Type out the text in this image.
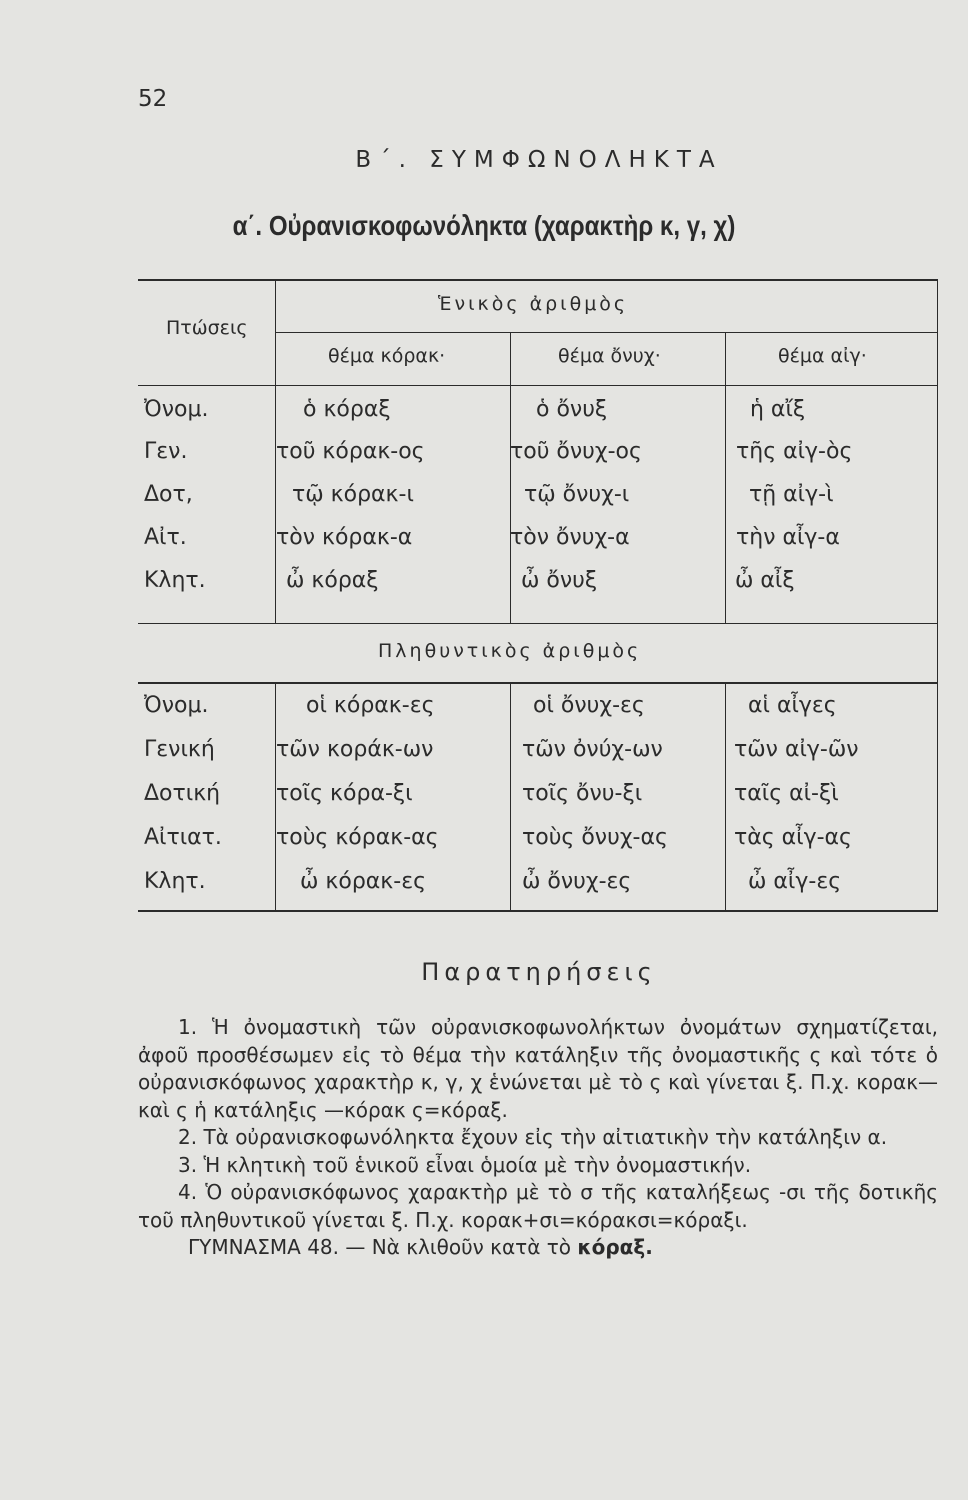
52
Β΄. ΣΥΜΦΩΝΟΛΗΚΤΑ
α΄. Οὐρανισκοφωνόληκτα (χαρακτὴρ κ, γ, χ)
Πτώσεις
Ἑνικὸς ἀριθμὸς
θέμα κόρακ·	θέμα ὄνυχ·	θέμα αἰγ·
Ὀνομ.	ὁ κόραξ	ὁ ὄνυξ	ἡ αἴξ
Γεν.	τοῦ κόρακ-ος	τοῦ ὄνυχ-ος	τῆς αἰγ-ὸς
Δοτ,	τῷ κόρακ-ι	τῷ ὄνυχ-ι	τῇ αἰγ-ὶ
Αἰτ.	τὸν κόρακ-α	τὸν ὄνυχ-α	τὴν αἶγ-α
Κλητ.	ὦ κόραξ	ὦ ὄνυξ	ὦ αἶξ
Πληθυντικὸς ἀριθμὸς
Ὀνομ.	οἱ κόρακ-ες	οἱ ὄνυχ-ες	αἱ αἶγες
Γενική	τῶν κοράκ-ων	τῶν ὀνύχ-ων	τῶν αἰγ-ῶν
Δοτική	τοῖς κόρα-ξι	τοῖς ὄνυ-ξι	ταῖς αἰ-ξὶ
Αἰτιατ. τοὺς κόρακ-ας	τοὺς ὄνυχ-ας	τὰς αἶγ-ας
Κλητ.	ὦ κόρακ-ες	ὦ ὄνυχ-ες	ὦ αἶγ-ες
Παρατηρήσεις

1. Ἡ ὀνομαστικὴ τῶν οὐρανισκοφωνολήκτων ὀνομάτων σχηματίζεται, ἀφοῦ προσθέσωμεν εἰς τὸ θέμα τὴν κατάληξιν τῆς ὀνομαστικῆς ς καὶ τότε ὁ οὐρανισκόφωνος χαρακτὴρ κ, γ, χ ἑνώνεται μὲ τὸ ς καὶ γίνεται ξ. Π.χ. κορακ—καὶ ς ἡ κατάληξις —κόρακ ς=κόραξ.

2. Τὰ οὐρανισκοφωνόληκτα ἔχουν εἰς τὴν αἰτιατικὴν τὴν κατάληξιν α.

3. Ἡ κλητικὴ τοῦ ἑνικοῦ εἶναι ὁμοία μὲ τὴν ὀνομαστικήν.

4. Ὁ οὐρανισκόφωνος χαρακτὴρ μὲ τὸ σ τῆς καταλήξεως -σι τῆς δοτικῆς τοῦ πληθυντικοῦ γίνεται ξ. Π.χ. κορακ+σι=κόρακσι=κόραξι.

ΓΥΜΝΑΣΜΑ 48. — Νὰ κλιθοῦν κατὰ τὸ κόραξ.
